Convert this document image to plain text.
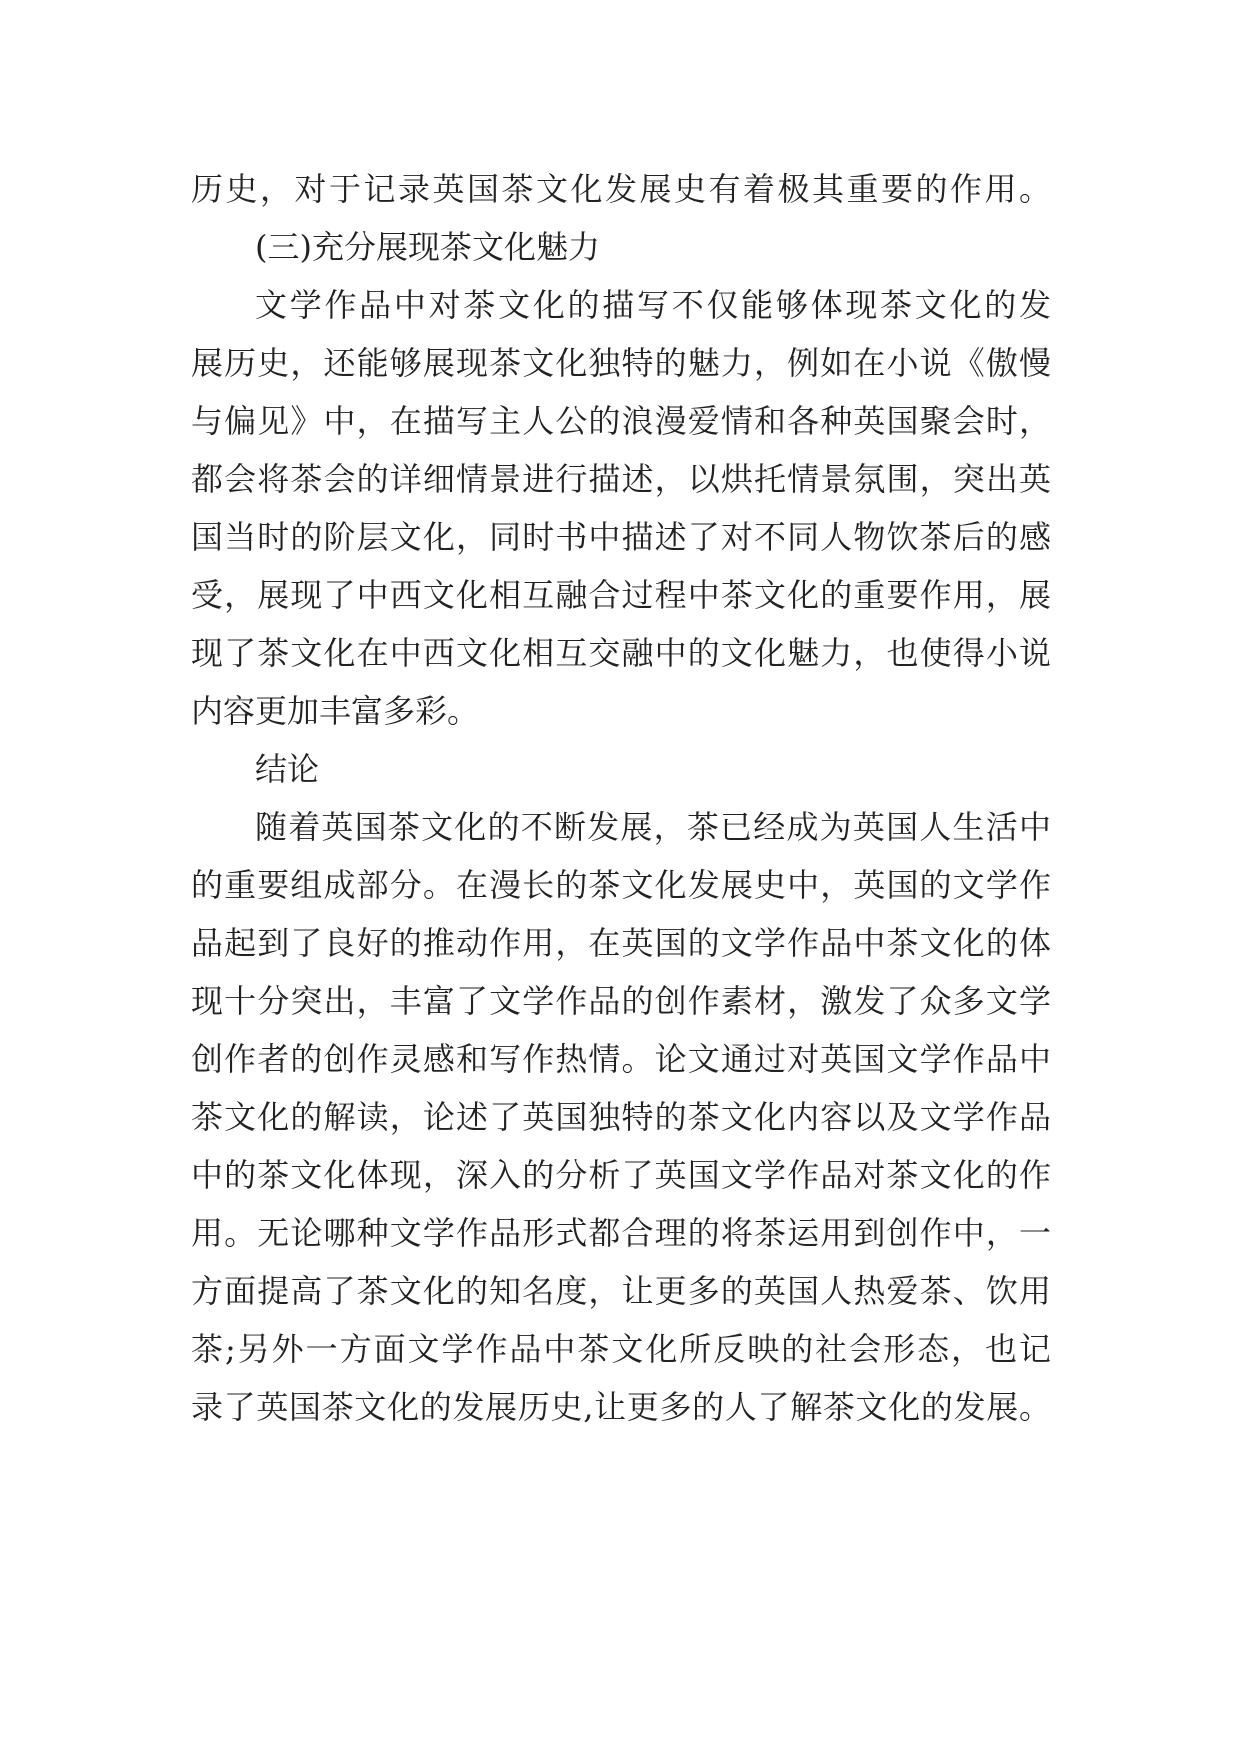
历史，对于记录英国茶文化发展史有着极其重要的作用。
(三)充分展现茶文化魅力
文学作品中对茶文化的描写不仅能够体现茶文化的发
展历史，还能够展现茶文化独特的魅力，例如在小说《傲慢
与偏见》中，在描写主人公的浪漫爱情和各种英国聚会时，
都会将茶会的详细情景进行描述，以烘托情景氛围，突出英
国当时的阶层文化，同时书中描述了对不同人物饮茶后的感
受，展现了中西文化相互融合过程中茶文化的重要作用，展
现了茶文化在中西文化相互交融中的文化魅力，也使得小说
内容更加丰富多彩。
结论
随着英国茶文化的不断发展，茶已经成为英国人生活中
的重要组成部分。在漫长的茶文化发展史中，英国的文学作
品起到了良好的推动作用，在英国的文学作品中茶文化的体
现十分突出，丰富了文学作品的创作素材，激发了众多文学
创作者的创作灵感和写作热情。论文通过对英国文学作品中
茶文化的解读，论述了英国独特的茶文化内容以及文学作品
中的茶文化体现，深入的分析了英国文学作品对茶文化的作
用。无论哪种文学作品形式都合理的将茶运用到创作中，一
方面提高了茶文化的知名度，让更多的英国人热爱茶、饮用
茶;另外一方面文学作品中茶文化所反映的社会形态，也记
录了英国茶文化的发展历史,让更多的人了解茶文化的发展。
